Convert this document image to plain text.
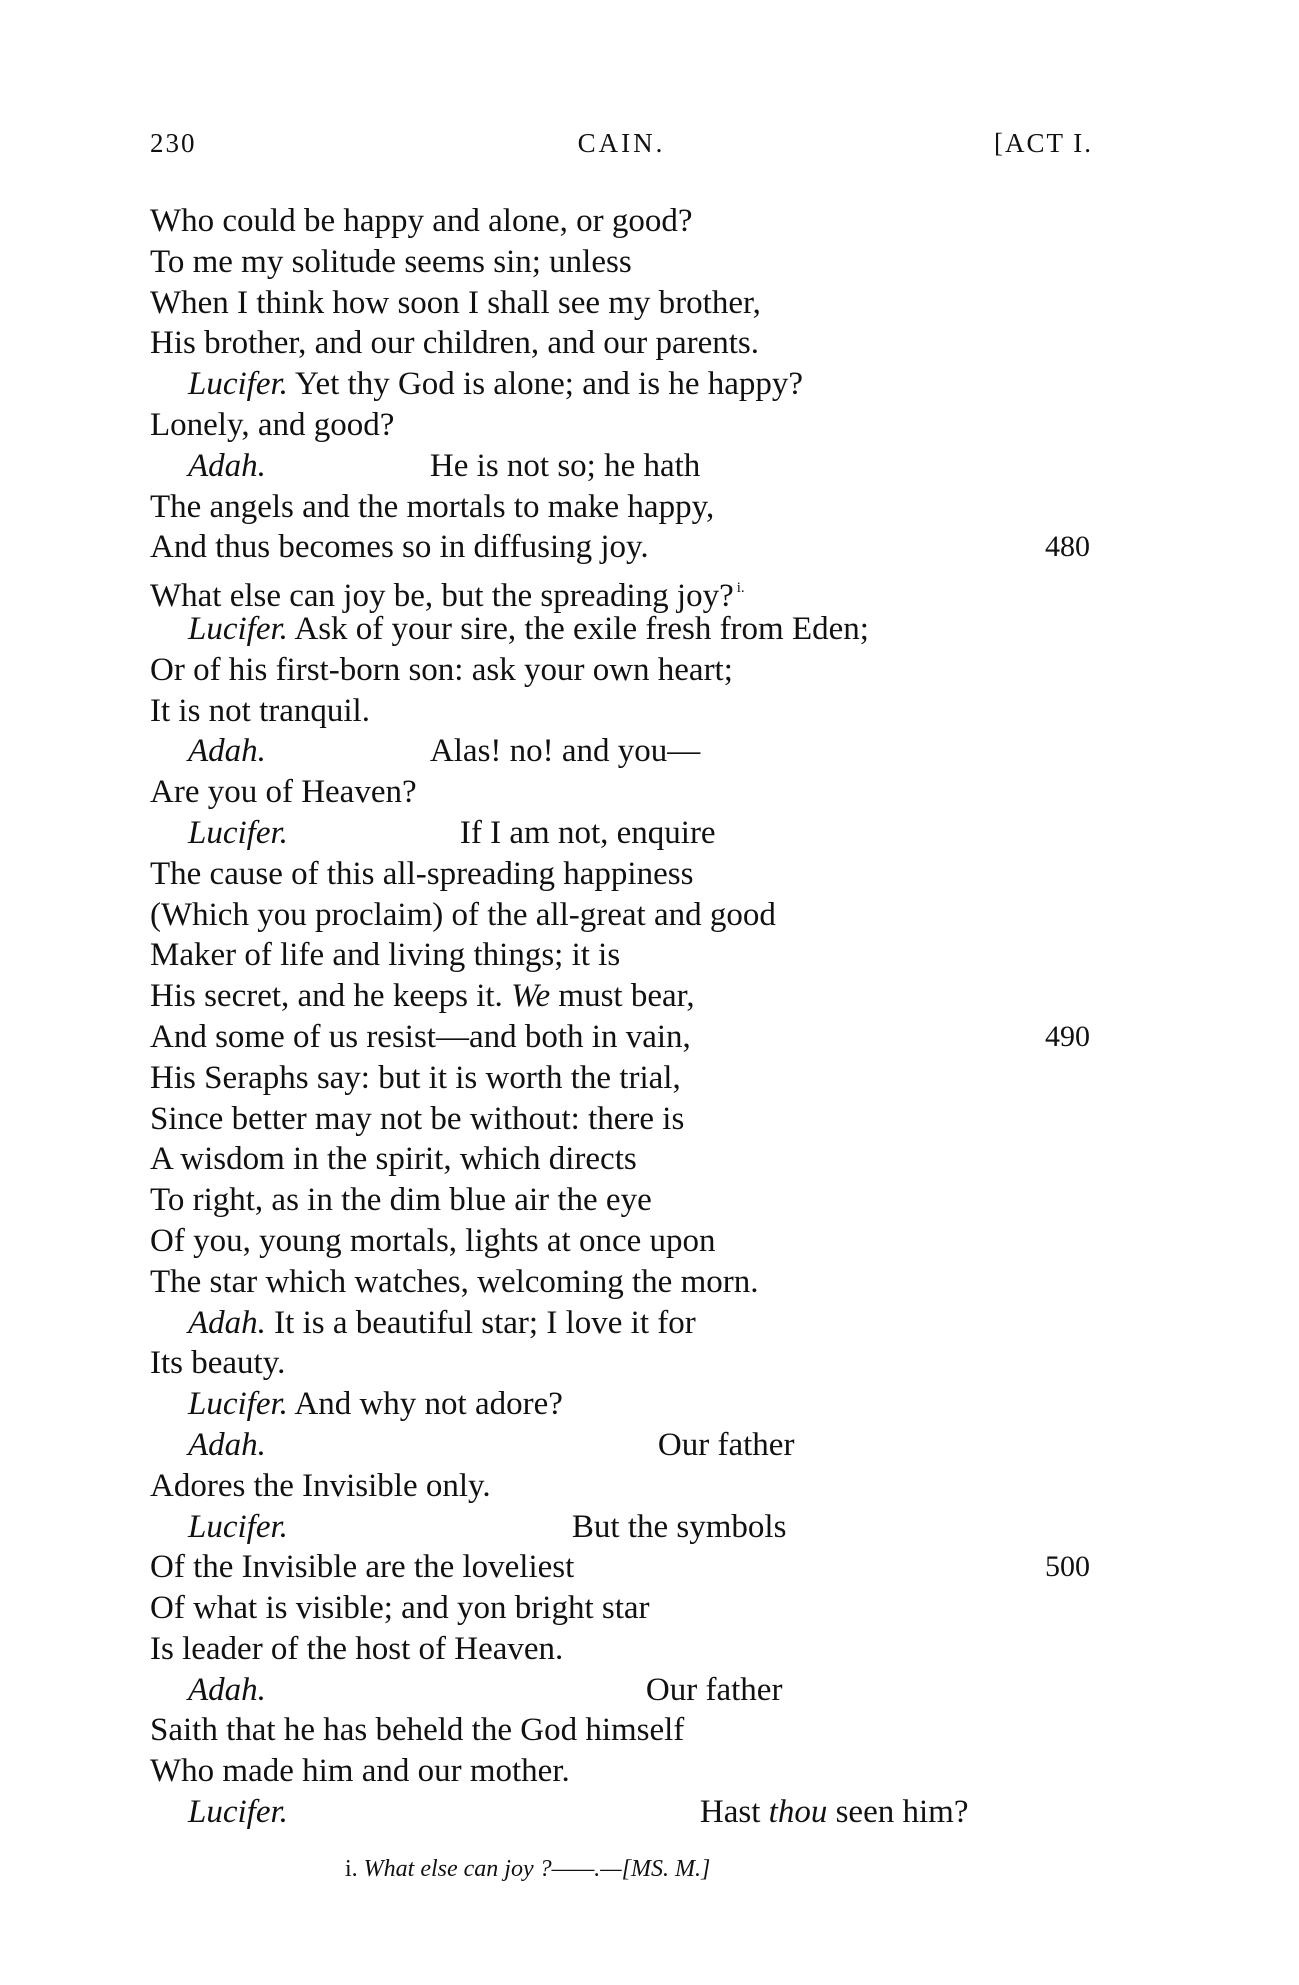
230	CAIN.	[ACT I.
Who could be happy and alone, or good?
To me my solitude seems sin; unless
When I think how soon I shall see my brother,
His brother, and our children, and our parents.
Lucifer. Yet thy God is alone; and is he happy?
Lonely, and good?
Adah.	He is not so; he hath
The angels and the mortals to make happy,
And thus becomes so in diffusing joy.	480
What else can joy be, but the spreading joy? $^{i.}$
Lucifer. Ask of your sire, the exile fresh from Eden;
Or of his first-born son: ask your own heart;
It is not tranquil.
Adah.	Alas! no! and you—
Are you of Heaven?
Lucifer.	If I am not, enquire
The cause of this all-spreading happiness
(Which you proclaim) of the all-great and good
Maker of life and living things; it is
His secret, and he keeps it. We must bear,
And some of us resist—and both in vain,	490
His Seraphs say: but it is worth the trial,
Since better may not be without: there is
A wisdom in the spirit, which directs
To right, as in the dim blue air the eye
Of you, young mortals, lights at once upon
The star which watches, welcoming the morn.
Adah. It is a beautiful star; I love it for
Its beauty.
Lucifer. And why not adore?
Adah.	Our father
Adores the Invisible only.
Lucifer.	But the symbols
Of the Invisible are the loveliest	500
Of what is visible; and yon bright star
Is leader of the host of Heaven.
Adah.	Our father
Saith that he has beheld the God himself
Who made him and our mother.
Lucifer.	Hast thou seen him?
i. What else can joy ?——.—[MS. M.]
